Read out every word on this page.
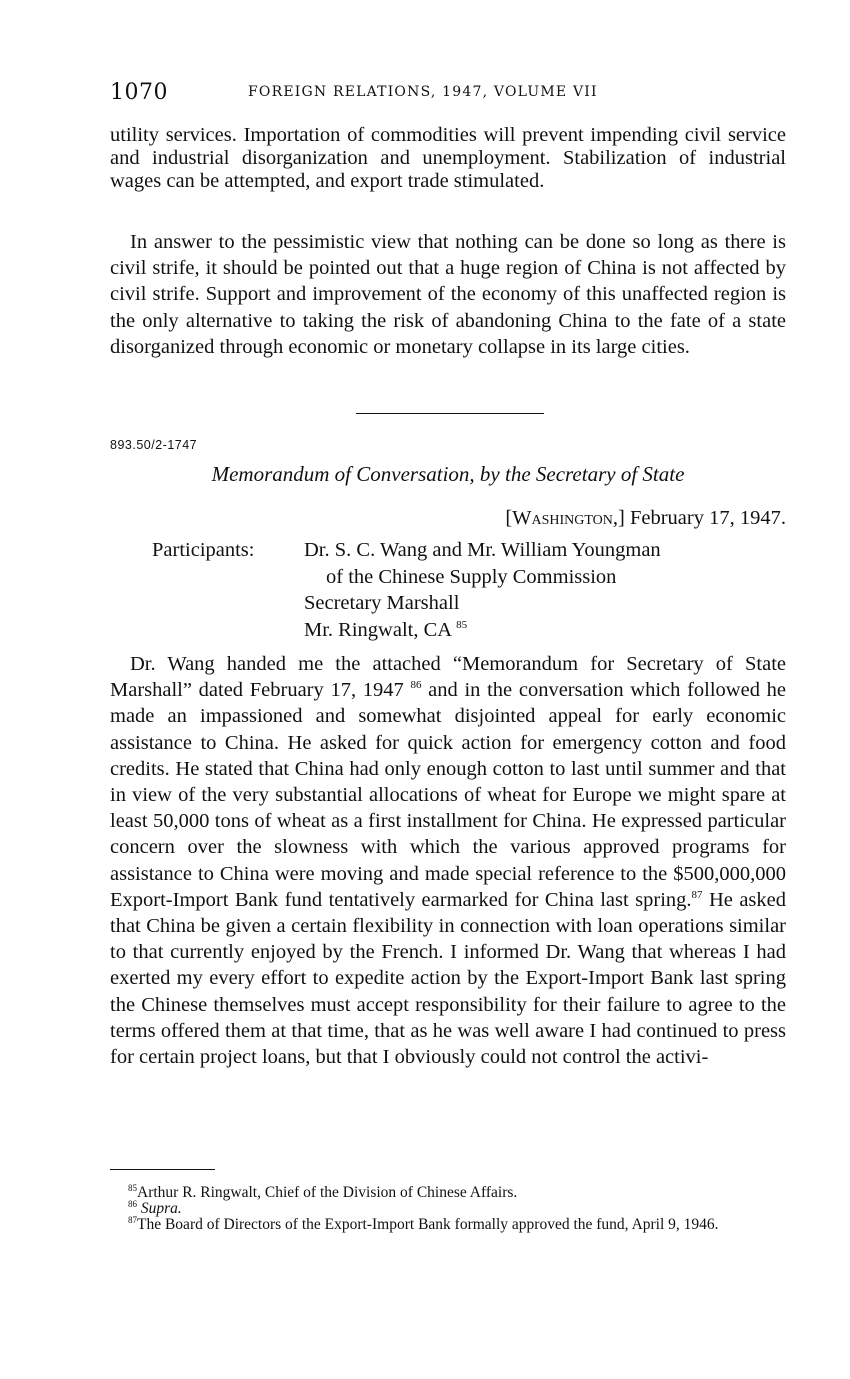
1070	FOREIGN RELATIONS, 1947, VOLUME VII

utility services. Importation of commodities will prevent impending civil service and industrial disorganization and unemployment. Stabilization of industrial wages can be attempted, and export trade stimulated.

In answer to the pessimistic view that nothing can be done so long as there is civil strife, it should be pointed out that a huge region of China is not affected by civil strife. Support and improvement of the economy of this unaffected region is the only alternative to taking the risk of abandoning China to the fate of a state disorganized through economic or monetary collapse in its large cities.

893.50/2-1747
Memorandum of Conversation, by the Secretary of State
[Washington,] February 17, 1947.
Participants: Dr. S. C. Wang and Mr. William Youngman
of the Chinese Supply Commission
Secretary Marshall
Mr. Ringwalt, CA $^{85}$

Dr. Wang handed me the attached “Memorandum for Secretary of State Marshall” dated February 17, 1947 $^{86}$ and in the conversation which followed he made an impassioned and somewhat disjointed appeal for early economic assistance to China. He asked for quick action for emergency cotton and food credits. He stated that China had only enough cotton to last until summer and that in view of the very substantial allocations of wheat for Europe we might spare at least 50,000 tons of wheat as a first installment for China. He expressed particular concern over the slowness with which the various approved programs for assistance to China were moving and made special reference to the $500,000,000 Export-Import Bank fund tentatively earmarked for China last spring.$^{87}$ He asked that China be given a certain flexibility in connection with loan operations similar to that currently enjoyed by the French. I informed Dr. Wang that whereas I had exerted my every effort to expedite action by the Export-Import Bank last spring the Chinese themselves must accept responsibility for their failure to agree to the terms offered them at that time, that as he was well aware I had continued to press for certain project loans, but that I obviously could not control the activi-

$^{85}$Arthur R. Ringwalt, Chief of the Division of Chinese Affairs.

$^{86}$ Supra.

$^{87}$The Board of Directors of the Export-Import Bank formally approved the fund, April 9, 1946.
